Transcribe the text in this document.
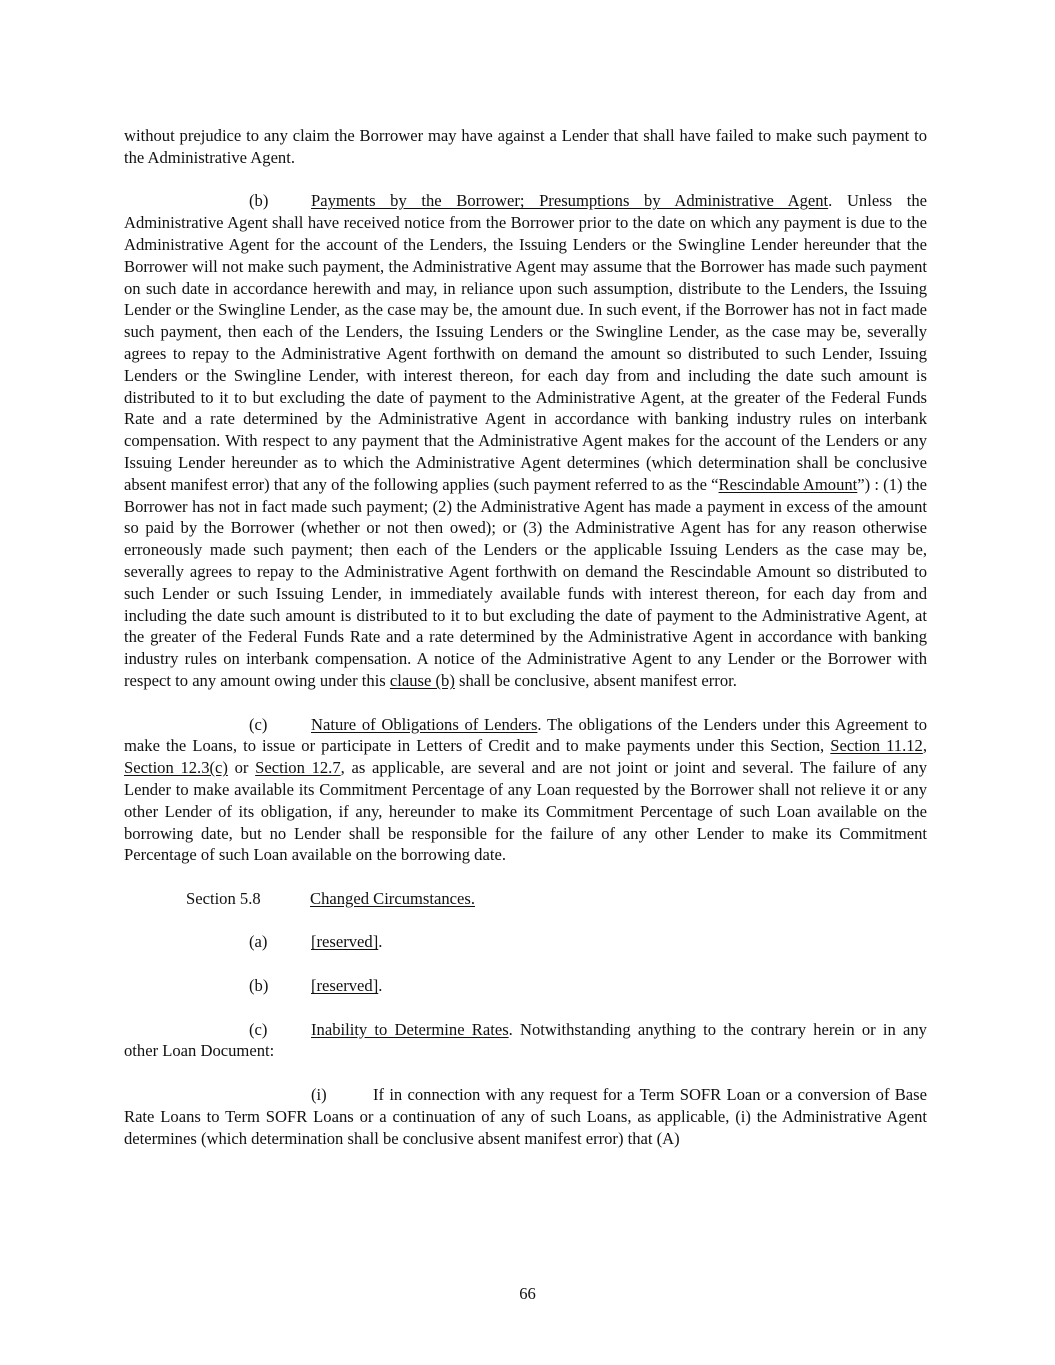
without prejudice to any claim the Borrower may have against a Lender that shall have failed to make such payment to the Administrative Agent.

(b)	Payments by the Borrower; Presumptions by Administrative Agent. Unless the Administrative Agent shall have received notice from the Borrower prior to the date on which any payment is due to the Administrative Agent for the account of the Lenders, the Issuing Lenders or the Swingline Lender hereunder that the Borrower will not make such payment, the Administrative Agent may assume that the Borrower has made such payment on such date in accordance herewith and may, in reliance upon such assumption, distribute to the Lenders, the Issuing Lender or the Swingline Lender, as the case may be, the amount due. In such event, if the Borrower has not in fact made such payment, then each of the Lenders, the Issuing Lenders or the Swingline Lender, as the case may be, severally agrees to repay to the Administrative Agent forthwith on demand the amount so distributed to such Lender, Issuing Lenders or the Swingline Lender, with interest thereon, for each day from and including the date such amount is distributed to it to but excluding the date of payment to the Administrative Agent, at the greater of the Federal Funds Rate and a rate determined by the Administrative Agent in accordance with banking industry rules on interbank compensation. With respect to any payment that the Administrative Agent makes for the account of the Lenders or any Issuing Lender hereunder as to which the Administrative Agent determines (which determination shall be conclusive absent manifest error) that any of the following applies (such payment referred to as the “Rescindable Amount”) : (1) the Borrower has not in fact made such payment; (2) the Administrative Agent has made a payment in excess of the amount so paid by the Borrower (whether or not then owed); or (3) the Administrative Agent has for any reason otherwise erroneously made such payment; then each of the Lenders or the applicable Issuing Lenders as the case may be, severally agrees to repay to the Administrative Agent forthwith on demand the Rescindable Amount so distributed to such Lender or such Issuing Lender, in immediately available funds with interest thereon, for each day from and including the date such amount is distributed to it to but excluding the date of payment to the Administrative Agent, at the greater of the Federal Funds Rate and a rate determined by the Administrative Agent in accordance with banking industry rules on interbank compensation. A notice of the Administrative Agent to any Lender or the Borrower with respect to any amount owing under this clause (b) shall be conclusive, absent manifest error.

(c)	Nature of Obligations of Lenders. The obligations of the Lenders under this Agreement to make the Loans, to issue or participate in Letters of Credit and to make payments under this Section, Section 11.12, Section 12.3(c) or Section 12.7, as applicable, are several and are not joint or joint and several. The failure of any Lender to make available its Commitment Percentage of any Loan requested by the Borrower shall not relieve it or any other Lender of its obligation, if any, hereunder to make its Commitment Percentage of such Loan available on the borrowing date, but no Lender shall be responsible for the failure of any other Lender to make its Commitment Percentage of such Loan available on the borrowing date.

Section 5.8	Changed Circumstances.

(a)	[reserved].

(b)	[reserved].

(c)	Inability to Determine Rates. Notwithstanding anything to the contrary herein or in any other Loan Document:

(i)	If in connection with any request for a Term SOFR Loan or a conversion of Base Rate Loans to Term SOFR Loans or a continuation of any of such Loans, as applicable, (i) the Administrative Agent determines (which determination shall be conclusive absent manifest error) that (A)

66
